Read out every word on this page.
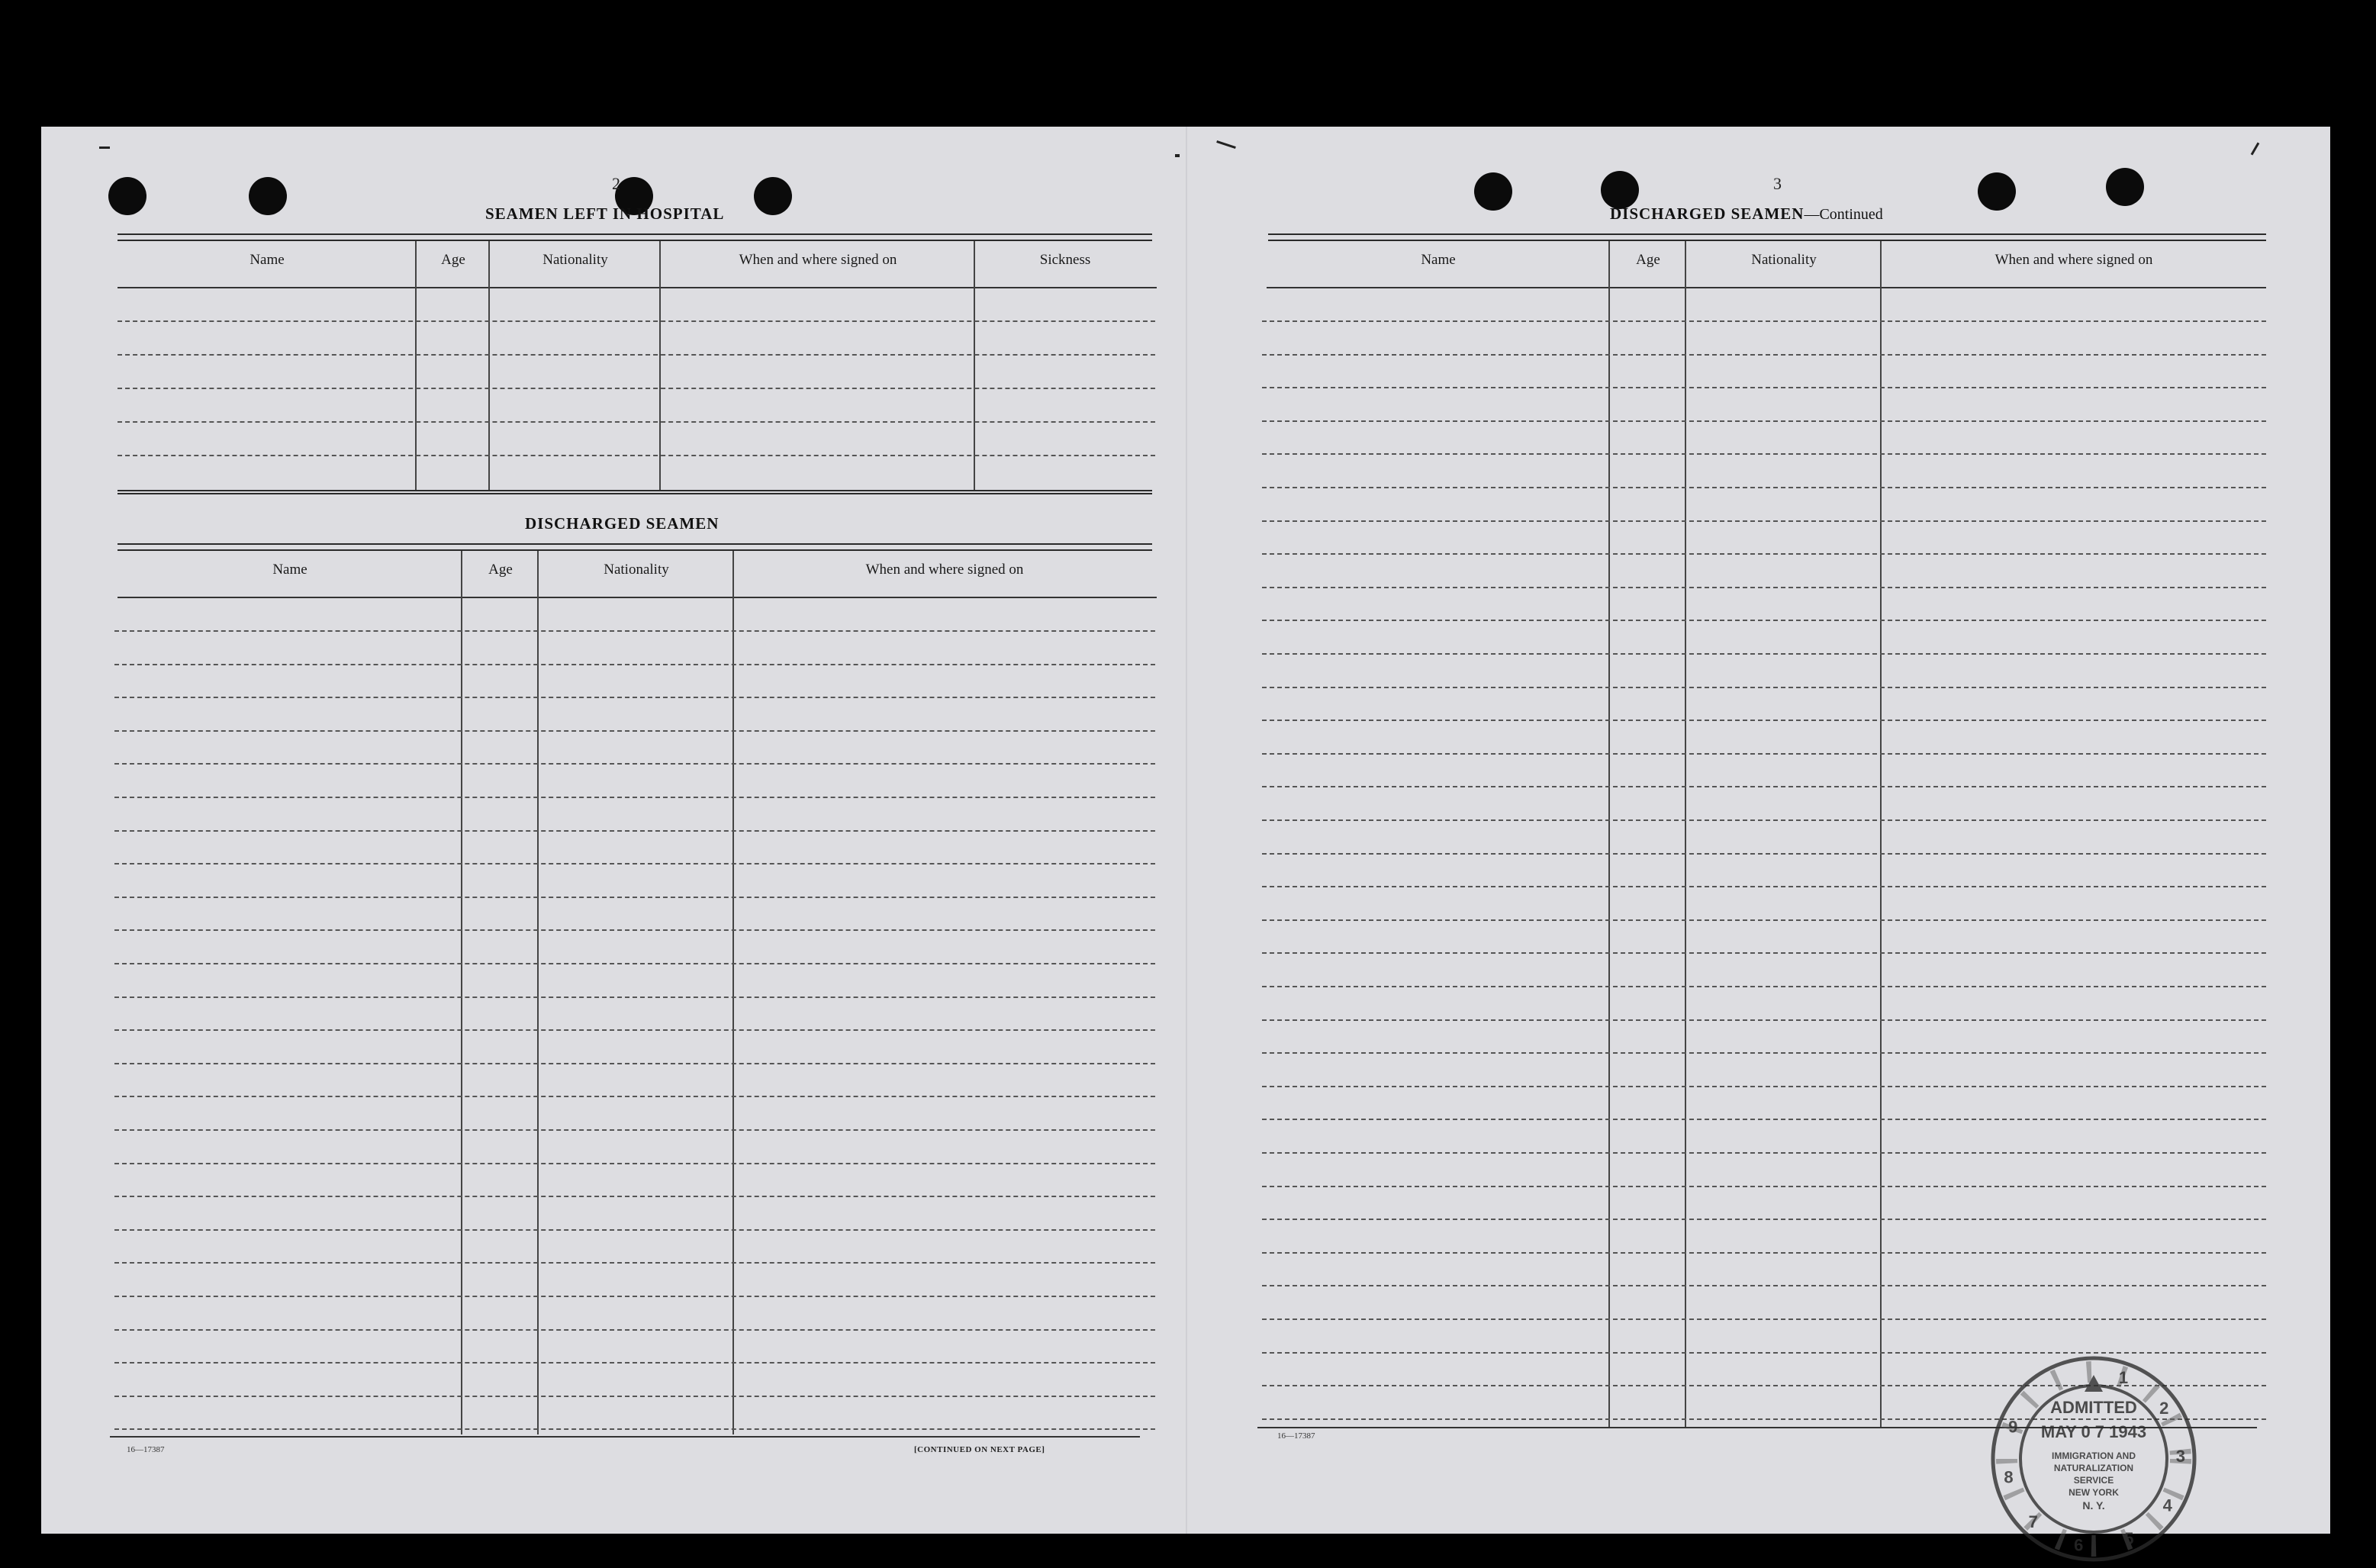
2
SEAMEN LEFT IN HOSPITAL
Name	Age	Nationality	When and where signed on	Sickness
DISCHARGED SEAMEN
Name	Age	Nationality	When and where signed on
16—17387	[CONTINUED ON NEXT PAGE]
3
DISCHARGED SEAMEN—Continued
Name	Age	Nationality	When and where signed on
16—17387
ADMITTED
MAY 0 7 1943
IMMIGRATION AND
NATURALIZATION
SERVICE
NEW YORK
N. Y.
1
2
3
4
5
6
7
8
9
